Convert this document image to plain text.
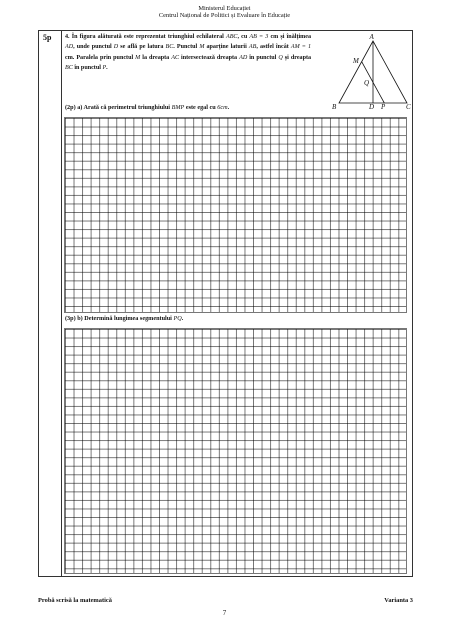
Ministerul Educației
Centrul Național de Politici și Evaluare în Educație
5p 4. În figura alăturată este reprezentat triunghiul echilateral ABC, cu AB = 3 cm și înălțimea AD, unde punctul D se află pe latura BC. Punctul M aparține laturii AB, astfel încât AM = 1 cm. Paralela prin punctul M la dreapta AC intersectează dreapta AD în punctul Q și dreapta BC în punctul P.
A
B	C
D P
M
Q
(2p) a) Arată că perimetrul triunghiului BMP este egal cu 6cm.
(3p) b) Determină lungimea segmentului PQ.
Probă scrisă la matematică	Varianta 3
7
